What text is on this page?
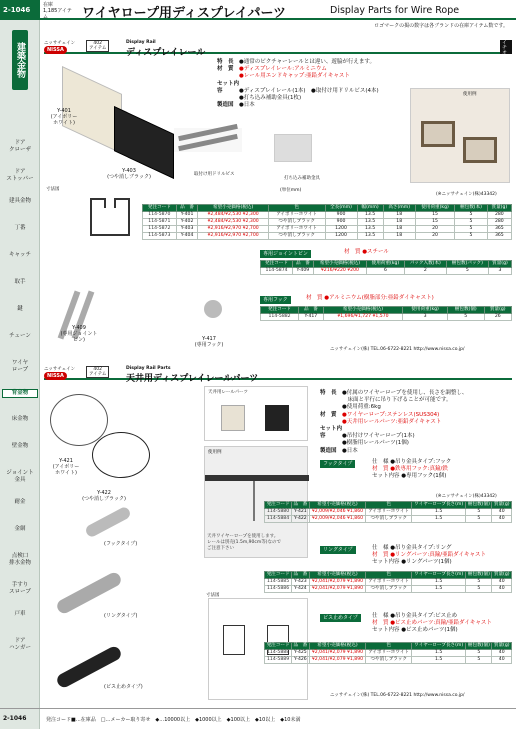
2-1046
建築金物
ドア
クローザ
ドア
ストッパー
建具金物
丁番
キャッチ
取手
鍵
チェーン
ワイヤ
ロープ
背金物
床金物
壁金物
ジョイント
金具
耐金
金網
点検口
排水金物
手すり
スロープ
戸車
ドア
ハンガー
在庫
1,185アイテム	ワイヤロープ用ディスプレイパーツ	Display Parts for Wire Rope
ロゴマークの掲の数字は各ブランドの在庫アイテム数です。
ニッサチェイン
NISSA
402
アイテム
Display Rail
ディスプレイレール
イチオシ
Y-401
(アイボリー
ホワイト)
Y-403
(つや消しブラック)
特　長 ●通常のピクチャーレールとは違い、遊脇が行えます。
材　質 ●ディスプレイレール:アルミニウム
●レール用エンドキャップ:亜鉛ダイキャスト
セット内容	●ディスプレイレール(1本)　●取付け用ドリルビス(4本)
●打ち込み補助金具(1枚)
製造国 ●日本
使用例
取付け用ドリルビス
打ち込み補助金具
寸法図	(単位mm)
(※ニッサチェイン(株)43342)
発注コード	品　番	希望小売価格(税込)	色	全長(mm)	幅(mm)	高さ(mm)	使用荷重(kg)	梱包数(本)	質量(g)
114-5870	Y-401	¥2,484/¥2,530 ¥2,300	アイボリーホワイト	900	13.5	18	15	5	280
114-5871	Y-402	¥2,484/¥2,530 ¥2,300	つや消しブラック	900	13.5	18	15	5	280
114-5872	Y-403	¥2,916/¥2,970 ¥2,700	アイボリーホワイト	1200	13.5	18	20	5	365
114-5873	Y-404	¥2,916/¥2,970 ¥2,700	つや消しブラック	1200	13.5	18	20	5	365
専用ジョイントピン	材　質 ●スチール
発注コード	品　番	希望小売価格(税込)	使用荷重(kg)	パック入数(本)	梱包数(パック)	質量(g)
114-5874	Y-409	¥216/¥220 ¥200	6	2	5	3
専用フック	材　質 ●アルミニウム(樹脂部分:亜鉛ダイキャスト)
発注コード	品　番	希望小売価格(税込)	使用荷重(kg)	梱包数(個)	質量(g)
114-5882	Y-417	¥1,696/¥1,727 ¥1,570	3	5	26
Y-409
(専用ジョイント
ピン)	Y-417
(専用フック)
ニッサチェイン(株) TEL.06-6722-8221 http://www.nissa.co.jp/
ニッサチェイン
NISSA
402
アイテム
Display Rail Parts
天井用ディスプレイレールパーツ
Y-421
(アイボリー
ホワイト)
Y-422
(つや消しブラック)
天井用レールパーツ	特　長 ●付属のワイヤーロープを使用し、長さを調整し、
　床面と平行に吊り下げることが可能です。
●使用荷重:6kg
材　質 ●ワイヤーロープ:ステンレス(SUS304)
●天井用レールパーツ:亜鉛ダイキャスト
セット内容	●吊付けワイヤーロープ(1本)
●樹脂用レールパーツ(1個)
製造国 ●日本
使用例
天井ワイヤーロープを使用します。
レールは別売(1.5m,90cm等)なので
ご注意下さい
(フックタイプ)
(リングタイプ)
(ビス止めタイプ)
寸法図
フックタイプ	仕　様 ●吊り金具タイプ:フック
材　質 ●鉄専用フック:真鍮/鉄
セット内容 ●専用フック(1個)
(※ニッサチェイン(株)43342)
発注コード	品　番	希望小売価格(税込)	色	ワイヤーロープ長さ(m)	梱包数(個)	質量(g)
114-5880	Y-421	¥2,009/¥2,046 ¥1,860	アイボリーホワイト	1.5	5	40
114-5884	Y-422	¥2,009/¥2,046 ¥1,860	つや消しブラック	1.5	5	40
リングタイプ	仕　様 ●吊り金具タイプ:リング
材　質 ●リングパーツ:真鍮/亜鉛ダイキャスト
セット内容 ●リングパーツ(1個)
発注コード	品　番	希望小売価格(税込)	色	ワイヤーロープ長さ(m)	梱包数(個)	質量(g)
114-5885	Y-423	¥2,041/¥2,079 ¥1,890	アイボリーホワイト	1.5	5	40
114-5886	Y-424	¥2,041/¥2,079 ¥1,890	つや消しブラック	1.5	5	40
ビス止めタイプ	仕　様 ●吊り金具タイプ:ビス止め
材　質 ●ビス止めパーツ:真鍮/亜鉛ダイキャスト
セット内容 ●ビス止めパーツ(1個)
発注コード	品　番	希望小売価格(税込)	色	ワイヤーロープ長さ(m)	梱包数(個)	質量(g)
114-5888	Y-425	¥2,041/¥2,079 ¥1,890	アイボリーホワイト	1.5	5	40
114-5889	Y-426	¥2,041/¥2,079 ¥1,890	つや消しブラック	1.5	5	40
ニッサチェイン(株) TEL.06-6722-8221 http://www.nissa.co.jp/
2-1046	発注コード■…在庫品　□…メーカー取り寄せ　◆…10000以上　◆1000以上　◆100以上　◆10以上　◆10未満
